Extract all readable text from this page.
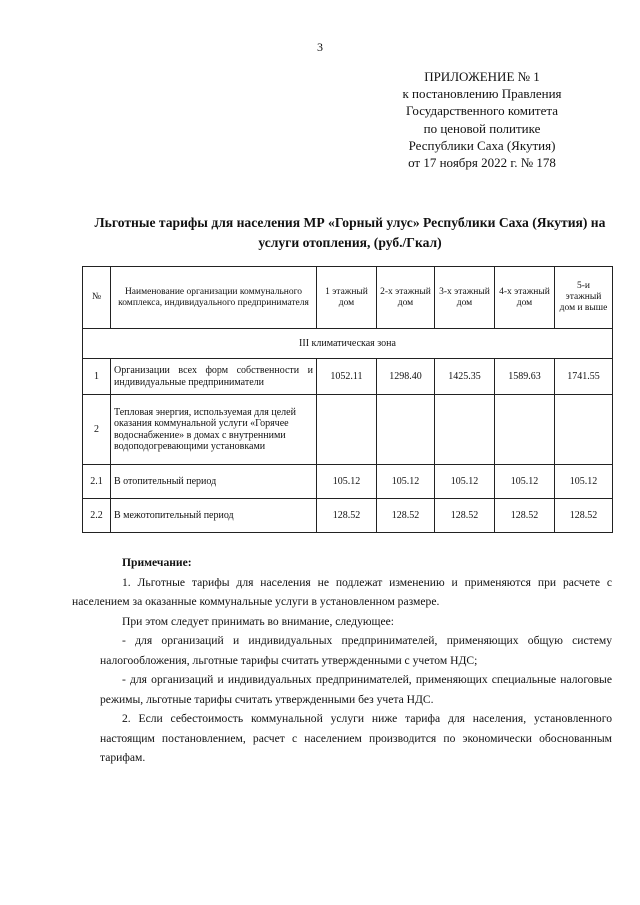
3
ПРИЛОЖЕНИЕ № 1
к постановлению Правления
Государственного комитета
по ценовой политике
Республики Саха (Якутия)
от 17 ноября 2022 г. № 178
Льготные тарифы для населения МР «Горный улус» Республики Саха (Якутия) на услуги отопления, (руб./Гкал)
№	Наименование организации коммунального комплекса, индивидуального предпринимателя	1 этажный дом	2-х этажный дом	3-х этажный дом	4-х этажный дом	5-и этажный дом и выше
III климатическая зона						
1	Организации всех форм собственности и индивидуальные предприниматели	1052.11	1298.40	1425.35	1589.63	1741.55
2	Тепловая энергия, используемая для целей оказания коммунальной услуги «Горячее водоснабжение» в домах с внутренними водоподогревающими установками					
2.1	В отопительный период	105.12	105.12	105.12	105.12	105.12
2.2	В межотопительный период	128.52	128.52	128.52	128.52	128.52
Примечание:

1. Льготные тарифы для населения не подлежат изменению и применяются при расчете с населением за оказанные коммунальные услуги в установленном размере.

При этом следует принимать во внимание, следующее:

- для организаций и индивидуальных предпринимателей, применяющих общую систему налогообложения, льготные тарифы считать утвержденными с учетом НДС;

- для организаций и индивидуальных предпринимателей, применяющих специальные налоговые режимы, льготные тарифы считать утвержденными без учета НДС.

2. Если себестоимость коммунальной услуги ниже тарифа для населения, установленного настоящим постановлением, расчет с населением производится по экономически обоснованным тарифам.
